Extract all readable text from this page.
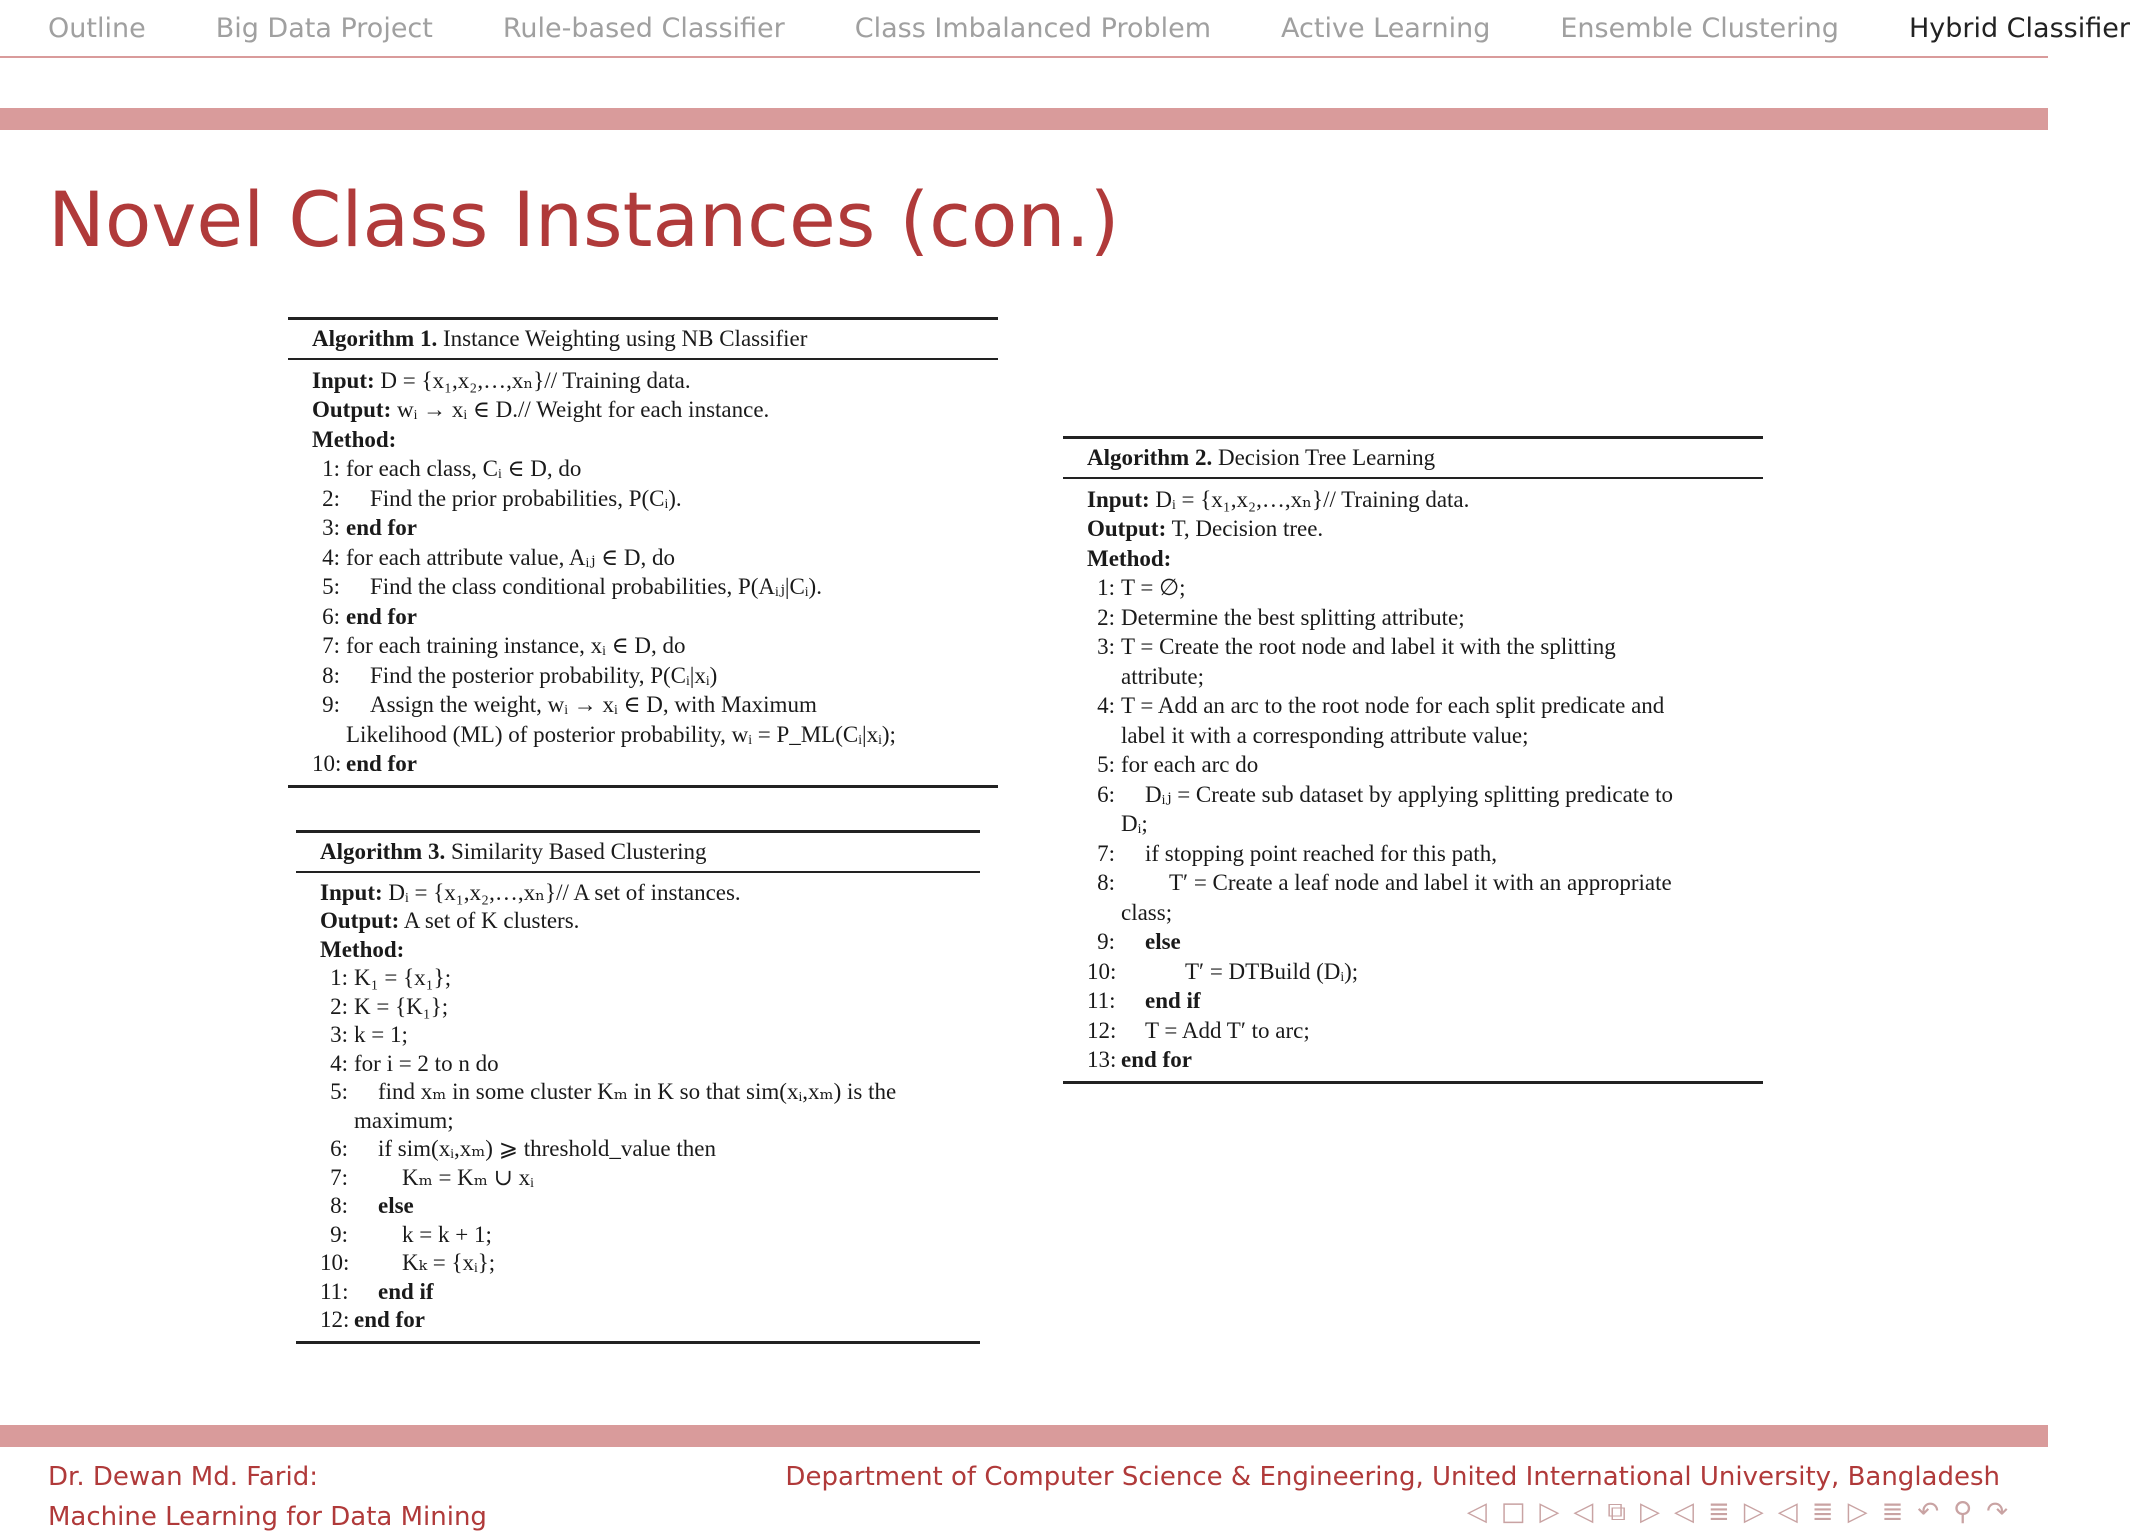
Outline	Big Data Project	Rule-based Classifier	Class Imbalanced Problem	Active Learning	Ensemble Clustering	Hybrid Classifier
Novel Class Instances (con.)
Algorithm 1. Instance Weighting using NB Classifier
Input: D = {x₁,x₂,…,xₙ}// Training data.
Output: wᵢ → xᵢ ∈ D.// Weight for each instance.
Method:
1: for each class, Cᵢ ∈ D, do
2:	Find the prior probabilities, P(Cᵢ).
3: end for
4: for each attribute value, Aᵢⱼ ∈ D, do
5:	Find the class conditional probabilities, P(Aᵢⱼ|Cᵢ).
6: end for
7: for each training instance, xᵢ ∈ D, do
8:	Find the posterior probability, P(Cᵢ|xᵢ)
9:	Assign the weight, wᵢ → xᵢ ∈ D, with Maximum
Likelihood (ML) of posterior probability, wᵢ = P_ML(Cᵢ|xᵢ);
10: end for
Algorithm 3. Similarity Based Clustering
Input: Dᵢ = {x₁,x₂,…,xₙ}// A set of instances.
Output: A set of K clusters.
Method:
1: K₁ = {x₁};
2: K = {K₁};
3: k = 1;
4: for i = 2 to n do
5:	find xₘ in some cluster Kₘ in K so that sim(xᵢ,xₘ) is the
maximum;
6:	if sim(xᵢ,xₘ) ⩾ threshold_value then
7:	Kₘ = Kₘ ∪ xᵢ
8:	else
9:	k = k + 1;
10:	Kₖ = {xᵢ};
11:	end if
12: end for
Algorithm 2. Decision Tree Learning
Input: Dᵢ = {x₁,x₂,…,xₙ}// Training data.
Output: T, Decision tree.
Method:
1: T = ∅;
2: Determine the best splitting attribute;
3: T = Create the root node and label it with the splitting
attribute;
4: T = Add an arc to the root node for each split predicate and
label it with a corresponding attribute value;
5: for each arc do
6:	Dᵢⱼ = Create sub dataset by applying splitting predicate to
Dᵢ;
7:	if stopping point reached for this path,
8:	T′ = Create a leaf node and label it with an appropriate
class;
9:	else
10:	T′ = DTBuild (Dᵢ);
11:	end if
12:	T = Add T′ to arc;
13: end for
Dr. Dewan Md. Farid:
Machine Learning for Data Mining
Department of Computer Science & Engineering, United International University, Bangladesh
◁ □ ▷ ◁ ⧉ ▷ ◁ ≣ ▷ ◁ ≣ ▷ ≣ ↶ ⚲ ↷
